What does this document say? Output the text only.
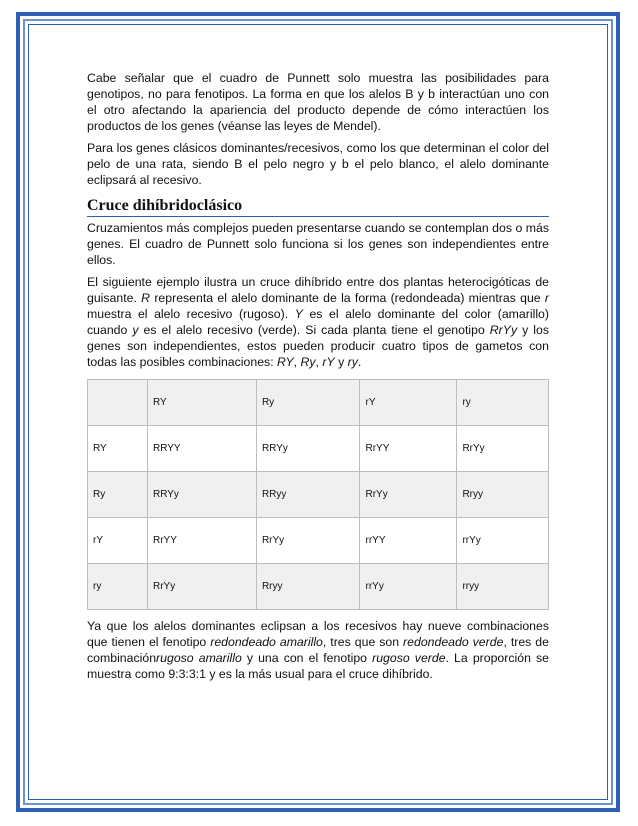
Cabe señalar que el cuadro de Punnett solo muestra las posibilidades para genotipos, no para fenotipos. La forma en que los alelos B y b interactúan uno con el otro afectando la apariencia del producto depende de cómo interactúen los productos de los genes (véanse las leyes de Mendel).

Para los genes clásicos dominantes/recesivos, como los que determinan el color del pelo de una rata, siendo B el pelo negro y b el pelo blanco, el alelo dominante eclipsará al recesivo.

Cruce dihíbridoclásico

Cruzamientos más complejos pueden presentarse cuando se contemplan dos o más genes. El cuadro de Punnett solo funciona si los genes son independientes entre ellos.

El siguiente ejemplo ilustra un cruce dihíbrido entre dos plantas heterocigóticas de guisante. R representa el alelo dominante de la forma (redondeada) mientras que r muestra el alelo recesivo (rugoso). Y es el alelo dominante del color (amarillo) cuando y es el alelo recesivo (verde). Si cada planta tiene el genotipo RrYy y los genes son independientes, estos pueden producir cuatro tipos de gametos con todas las posibles combinaciones: RY, Ry, rY y ry.

	RY	Ry	rY	ry
RY	RRYY	RRYy	RrYY	RrYy
Ry	RRYy	RRyy	RrYy	Rryy
rY	RrYY	RrYy	rrYY	rrYy
ry	RrYy	Rryy	rrYy	rryy

Ya que los alelos dominantes eclipsan a los recesivos hay nueve combinaciones que tienen el fenotipo redondeado amarillo, tres que son redondeado verde, tres de combinaciónrugoso amarillo y una con el fenotipo rugoso verde. La proporción se muestra como 9:3:3:1 y es la más usual para el cruce dihíbrido.
